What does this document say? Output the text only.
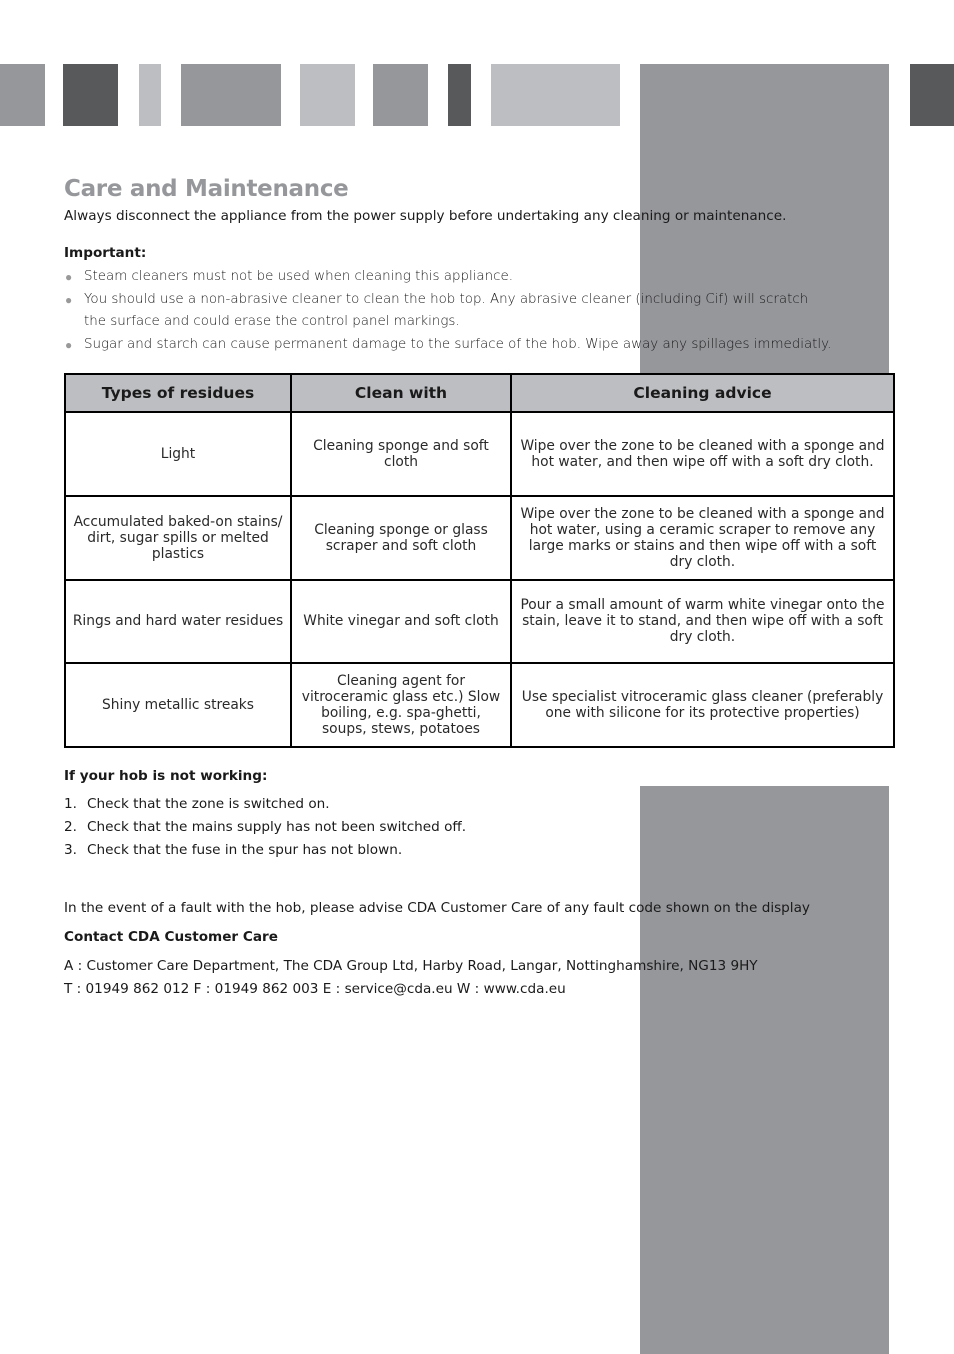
Care and Maintenance

Always disconnect the appliance from the power supply before undertaking any cleaning or maintenance.

Important:

● Steam cleaners must not be used when cleaning this appliance.
● You should use a non-abrasive cleaner to clean the hob top. Any abrasive cleaner (including Cif) will scratch the surface and could erase the control panel markings.
● Sugar and starch can cause permanent damage to the surface of the hob. Wipe away any spillages immediatly.
Types of residues	Clean with	Cleaning advice
Light	Cleaning sponge and soft cloth	Wipe over the zone to be cleaned with a sponge and hot water, and then wipe off with a soft dry cloth.
Accumulated baked-on stains/ dirt, sugar spills or melted plastics	Cleaning sponge or glass scraper and soft cloth	Wipe over the zone to be cleaned with a sponge and hot water, using a ceramic scraper to remove any large marks or stains and then wipe off with a soft dry cloth.
Rings and hard water residues	White vinegar and soft cloth	Pour a small amount of warm white vinegar onto the stain, leave it to stand, and then wipe off with a soft dry cloth.
Shiny metallic streaks	Cleaning agent for vitroceramic glass etc.) Slow boiling, e.g. spa-ghetti, soups, stews, potatoes	Use specialist vitroceramic glass cleaner (preferably one with silicone for its protective properties)

If your hob is not working:

1. Check that the zone is switched on.
2. Check that the mains supply has not been switched off.
3. Check that the fuse in the spur has not blown.

In the event of a fault with the hob, please advise CDA Customer Care of any fault code shown on the display

Contact CDA Customer Care

A : Customer Care Department, The CDA Group Ltd, Harby Road, Langar, Nottinghamshire, NG13 9HY

T : 01949 862 012 F : 01949 862 003 E : service@cda.eu W : www.cda.eu
